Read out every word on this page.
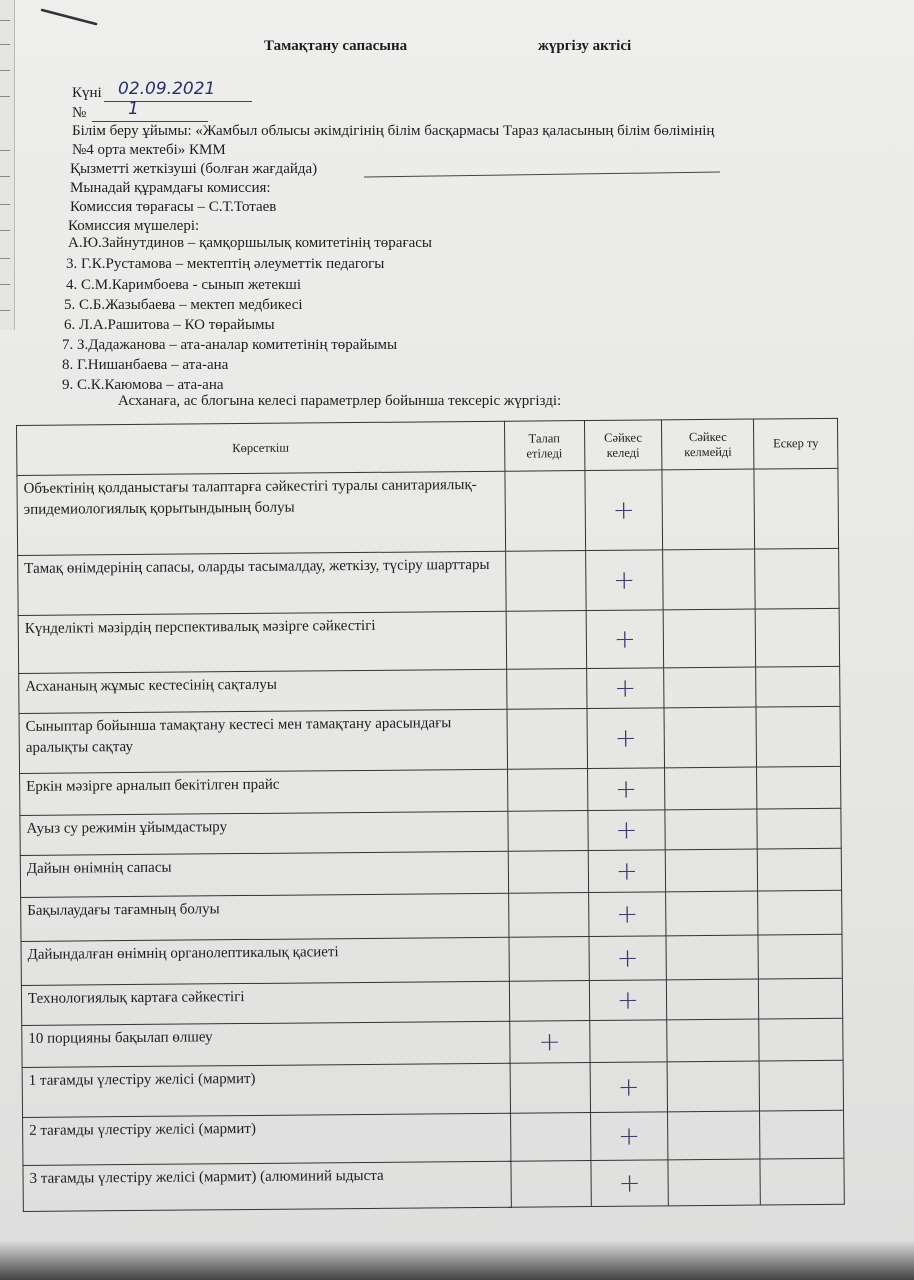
Тамақтану сапасына	жүргізу актісі
Күні 02.09.2021
№ 1
Білім беру ұйымы: «Жамбыл облысы әкімдігінің білім басқармасы Тараз қаласының білім бөлімінің
№4 орта мектебі» КММ
Қызметті жеткізуші (болған жағдайда)
Мынадай құрамдағы комиссия:
Комиссия төрағасы – С.Т.Тотаев
Комиссия мүшелері:
А.Ю.Зайнутдинов – қамқоршылық комитетінің төрағасы
3. Г.К.Рустамова – мектептің әлеуметтік педагогы
4. С.М.Каримбоева - сынып жетекші
5. С.Б.Жазыбаева – мектеп медбикесі
6. Л.А.Рашитова – КО төрайымы
7. З.Дадажанова – ата-аналар комитетінің төрайымы
8. Г.Нишанбаева – ата-ана
9. С.К.Каюмова – ата-ана
Асханаға, ас блогына келесі параметрлер бойынша тексеріс жүргізді:
Көрсеткіш	Талап етіледі	Сәйкес келеді	Сәйкес келмейді	Ескер ту
Объектінің қолданыстағы талаптарға сәйкестігі туралы санитариялық-эпидемиологиялық қорытындының болуы		+		
Тамақ өнімдерінің сапасы, оларды тасымалдау, жеткізу, түсіру шарттары		+		
Күнделікті мәзірдің перспективалық мәзірге сәйкестігі		+		
Асхананың жұмыс кестесінің сақталуы		+		
Сыныптар бойынша тамақтану кестесі мен тамақтану арасындағы аралықты сақтау		+		
Еркін мәзірге арналып бекітілген прайс		+		
Ауыз су режимін ұйымдастыру		+		
Дайын өнімнің сапасы		+		
Бақылаудағы тағамның болуы		+		
Дайындалған өнімнің органолептикалық қасиеті		+		
Технологиялық картаға сәйкестігі		+		
10 порцияны бақылап өлшеу	+			
1 тағамды үлестіру желісі (мармит)		+		
2 тағамды үлестіру желісі (мармит)		+		
3 тағамды үлестіру желісі (мармит) (алюминий ыдыста		+		
